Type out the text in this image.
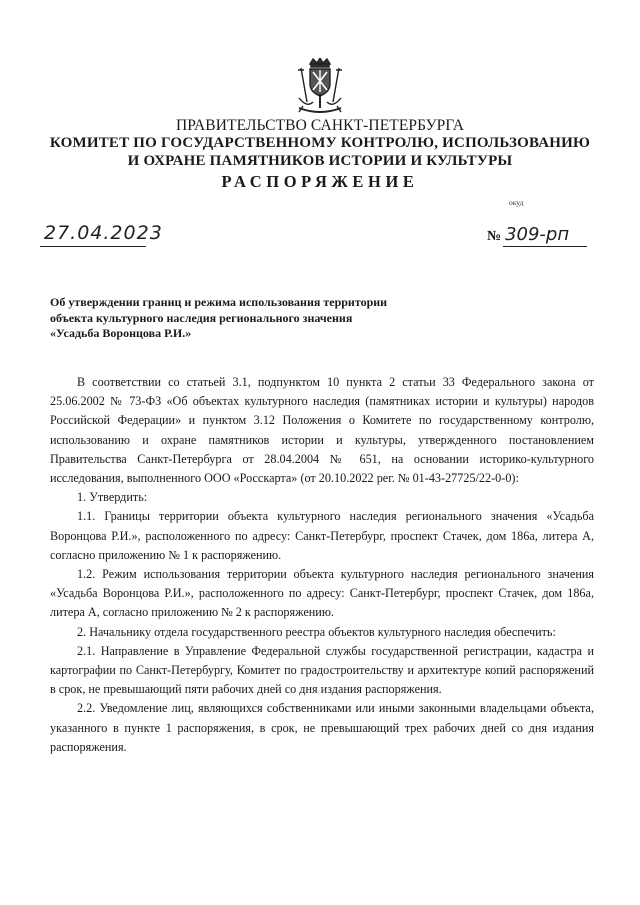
ПРАВИТЕЛЬСТВО САНКТ-ПЕТЕРБУРГА
КОМИТЕТ ПО ГОСУДАРСТВЕННОМУ КОНТРОЛЮ, ИСПОЛЬЗОВАНИЮ
И ОХРАНЕ ПАМЯТНИКОВ ИСТОРИИ И КУЛЬТУРЫ
РАСПОРЯЖЕНИЕ
окуд
27.04.2023	№ 309-рп
Об утверждении границ и режима использования территории
объекта культурного наследия регионального значения
«Усадьба Воронцова Р.И.»

В соответствии со статьей 3.1, подпунктом 10 пункта 2 статьи 33 Федерального закона от 25.06.2002 № 73-ФЗ «Об объектах культурного наследия (памятниках истории и культуры) народов Российской Федерации» и пунктом 3.12 Положения о Комитете по государственному контролю, использованию и охране памятников истории и культуры, утвержденного постановлением Правительства Санкт-Петербурга от 28.04.2004 № 651, на основании историко-культурного исследования, выполненного ООО «Росскарта» (от 20.10.2022 рег. № 01-43-27725/22-0-0):

1. Утвердить:

1.1. Границы территории объекта культурного наследия регионального значения «Усадьба Воронцова Р.И.», расположенного по адресу: Санкт-Петербург, проспект Стачек, дом 186а, литера А, согласно приложению № 1 к распоряжению.

1.2. Режим использования территории объекта культурного наследия регионального значения «Усадьба Воронцова Р.И.», расположенного по адресу: Санкт-Петербург, проспект Стачек, дом 186а, литера А, согласно приложению № 2 к распоряжению.

2. Начальнику отдела государственного реестра объектов культурного наследия обеспечить:

2.1. Направление в Управление Федеральной службы государственной регистрации, кадастра и картографии по Санкт-Петербургу, Комитет по градостроительству и архитектуре копий распоряжений в срок, не превышающий пяти рабочих дней со дня издания распоряжения.

2.2. Уведомление лиц, являющихся собственниками или иными законными владельцами объекта, указанного в пункте 1 распоряжения, в срок, не превышающий трех рабочих дней со дня издания распоряжения.
